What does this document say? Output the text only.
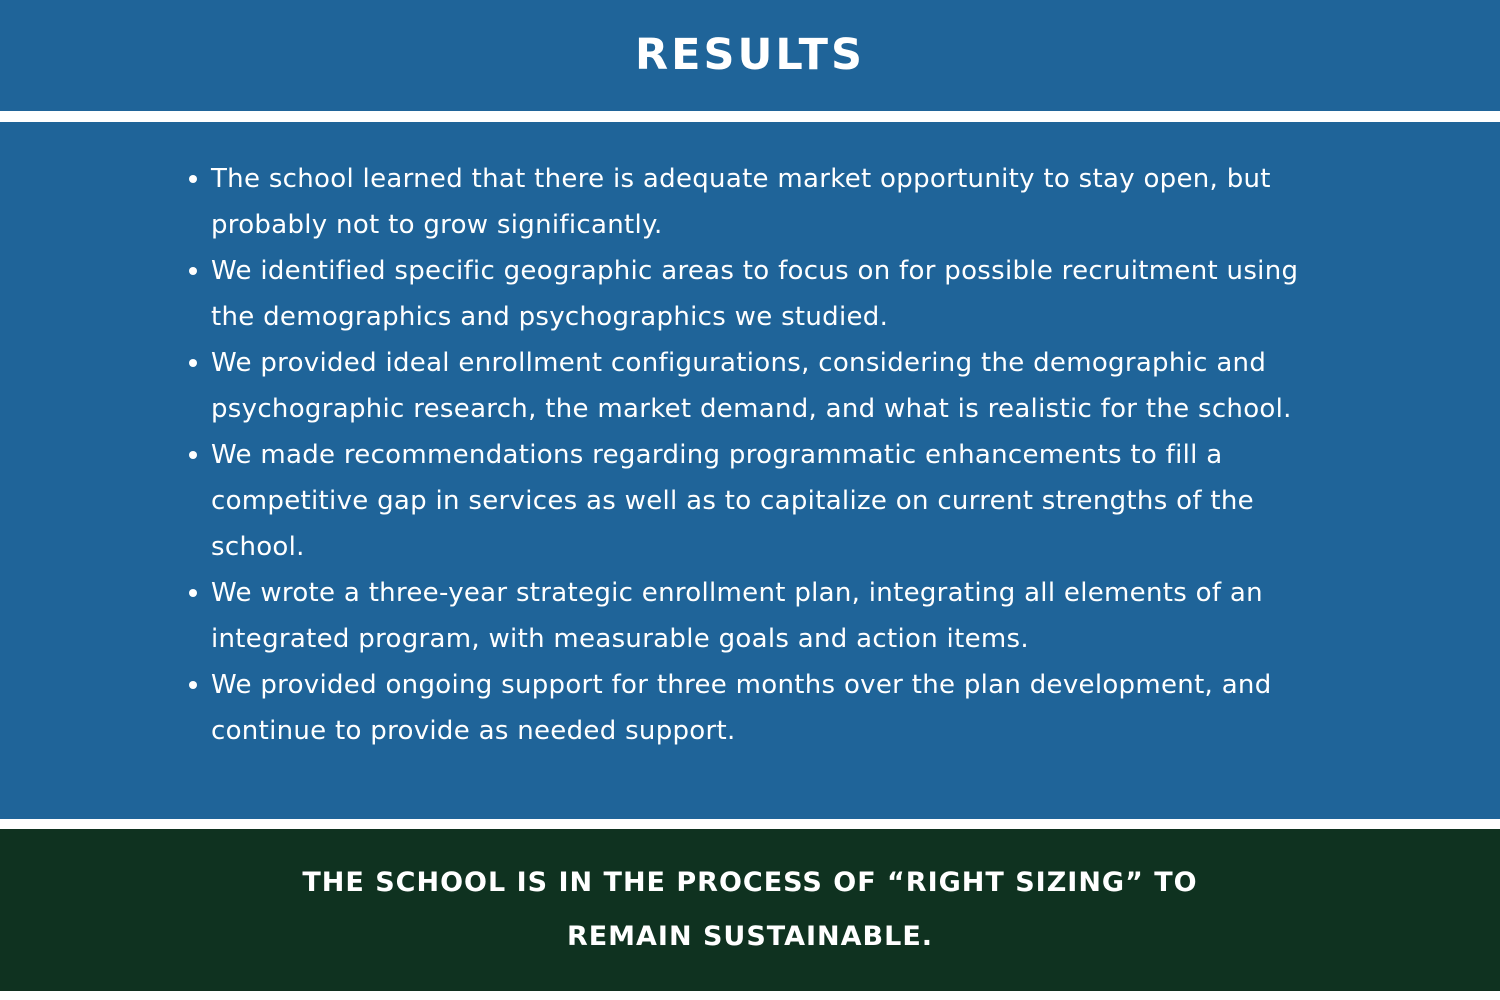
RESULTS
The school learned that there is adequate market opportunity to stay open, but probably not to grow significantly.
We identified specific geographic areas to focus on for possible recruitment using the demographics and psychographics we studied.
We provided ideal enrollment configurations, considering the demographic and psychographic research, the market demand, and what is realistic for the school.
We made recommendations regarding programmatic enhancements to fill a competitive gap in services as well as to capitalize on current strengths of the school.
We wrote a three-year strategic enrollment plan, integrating all elements of an integrated program, with measurable goals and action items.
We provided ongoing support for three months over the plan development, and continue to provide as needed support.

THE SCHOOL IS IN THE PROCESS OF “RIGHT SIZING” TO REMAIN SUSTAINABLE.
